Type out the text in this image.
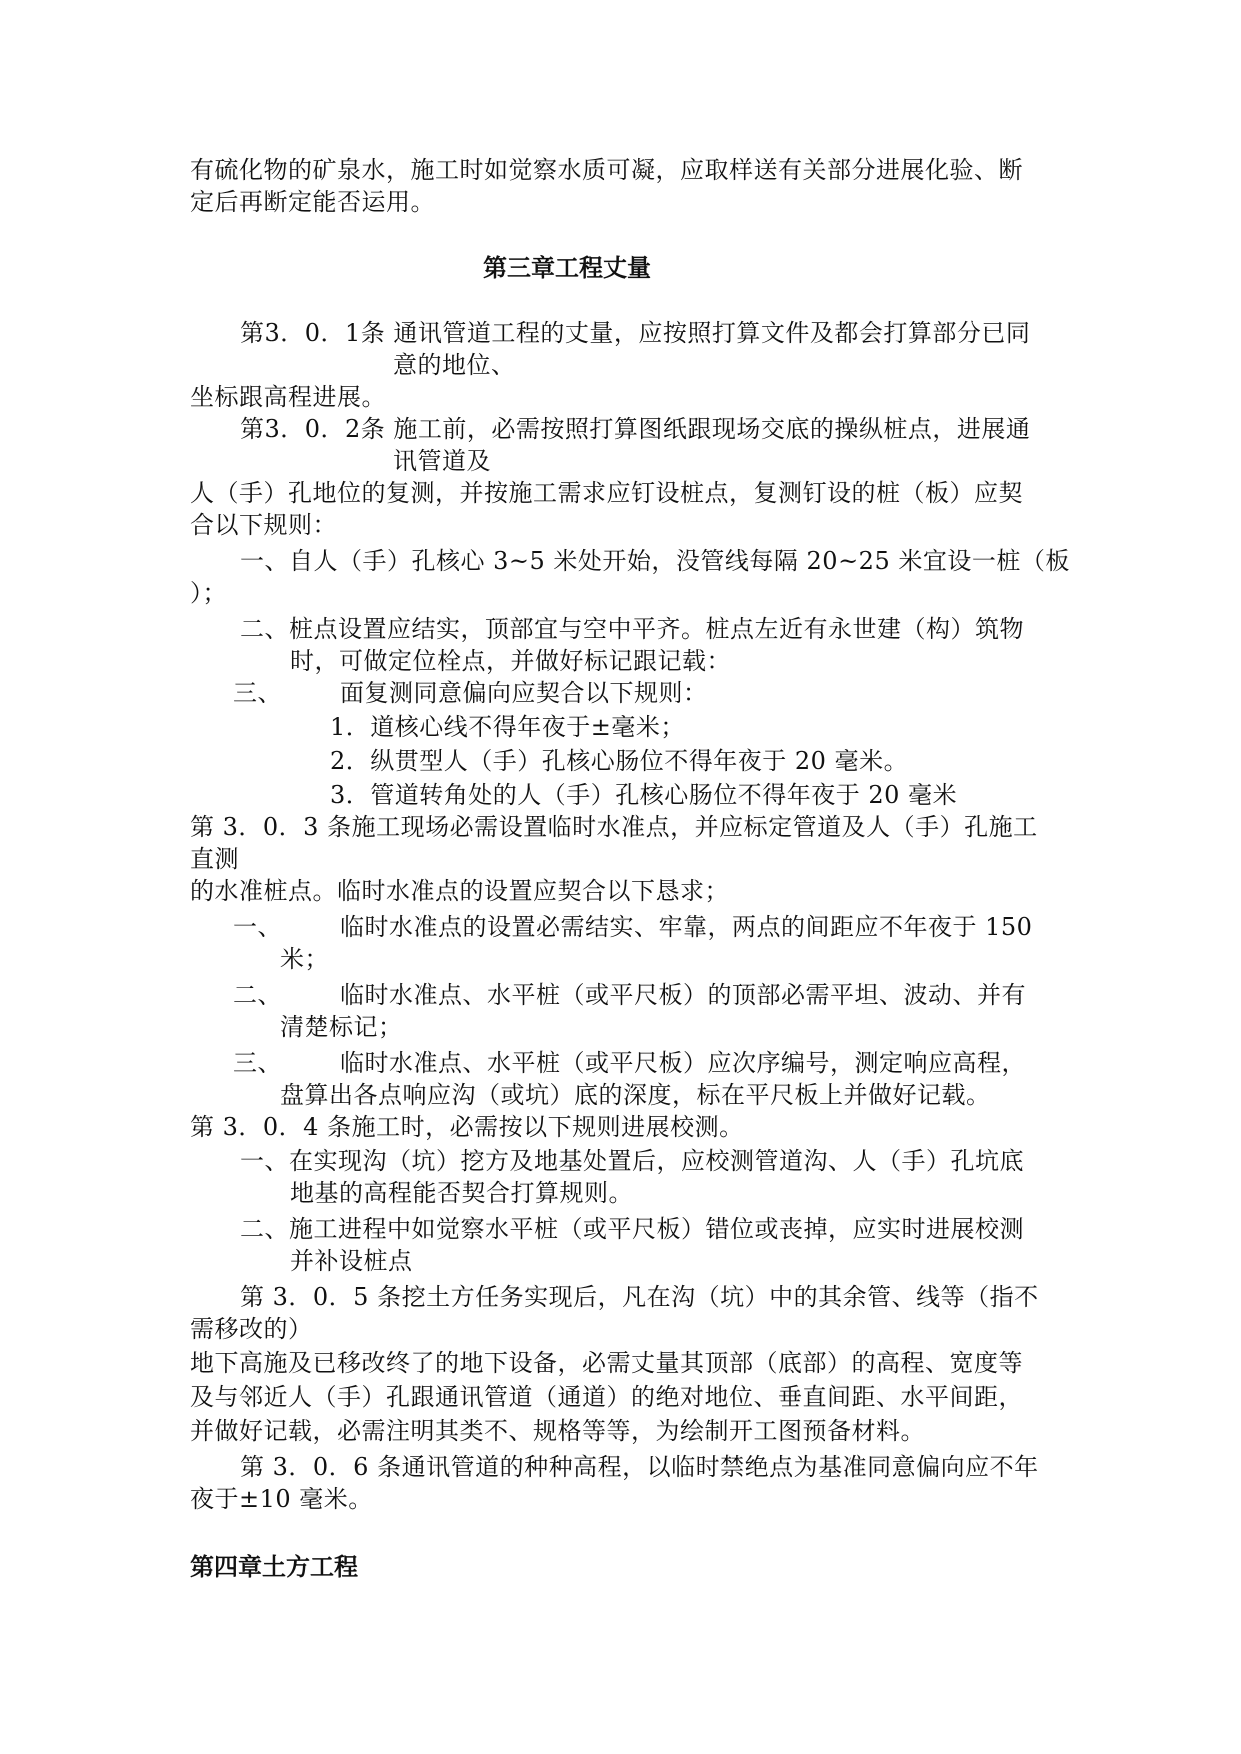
有硫化物的矿泉水，施工时如觉察水质可凝，应取样送有关部分进展化验、断
定后再断定能否运用。
第三章工程丈量
第3．0．1条 通讯管道工程的丈量，应按照打算文件及都会打算部分已同
意的地位、
坐标跟高程进展。
第3．0．2条 施工前，必需按照打算图纸跟现场交底的操纵桩点，进展通
讯管道及
人（手）孔地位的复测，并按施工需求应钉设桩点，复测钉设的桩（板）应契
合以下规则：
一、自人（手）孔核心 3~5 米处开始，没管线每隔 20~25 米宜设一桩（板
）；
二、桩点设置应结实，顶部宜与空中平齐。桩点左近有永世建（构）筑物
时，可做定位栓点，并做好标记跟记载：
三、 面复测同意偏向应契合以下规则：
1．道核心线不得年夜于±毫米；
2．纵贯型人（手）孔核心肠位不得年夜于 20 毫米。
3．管道转角处的人（手）孔核心肠位不得年夜于 20 毫米
第 3．0．3 条施工现场必需设置临时水准点，并应标定管道及人（手）孔施工
直测
的水准桩点。临时水准点的设置应契合以下恳求；
一、 临时水准点的设置必需结实、牢靠，两点的间距应不年夜于 150
米；
二、 临时水准点、水平桩（或平尺板）的顶部必需平坦、波动、并有
清楚标记；
三、 临时水准点、水平桩（或平尺板）应次序编号，测定响应高程，
盘算出各点响应沟（或坑）底的深度，标在平尺板上并做好记载。
第 3．0．4 条施工时，必需按以下规则进展校测。
一、在实现沟（坑）挖方及地基处置后，应校测管道沟、人（手）孔坑底
地基的高程能否契合打算规则。
二、施工进程中如觉察水平桩（或平尺板）错位或丧掉，应实时进展校测
并补设桩点
第 3．0．5 条挖土方任务实现后，凡在沟（坑）中的其余管、线等（指不
需移改的）
地下高施及已移改终了的地下设备，必需丈量其顶部（底部）的高程、宽度等
及与邻近人（手）孔跟通讯管道（通道）的绝对地位、垂直间距、水平间距，
并做好记载，必需注明其类不、规格等等，为绘制开工图预备材料。
第 3．0．6 条通讯管道的种种高程，以临时禁绝点为基准同意偏向应不年
夜于±10 毫米。
第四章土方工程
